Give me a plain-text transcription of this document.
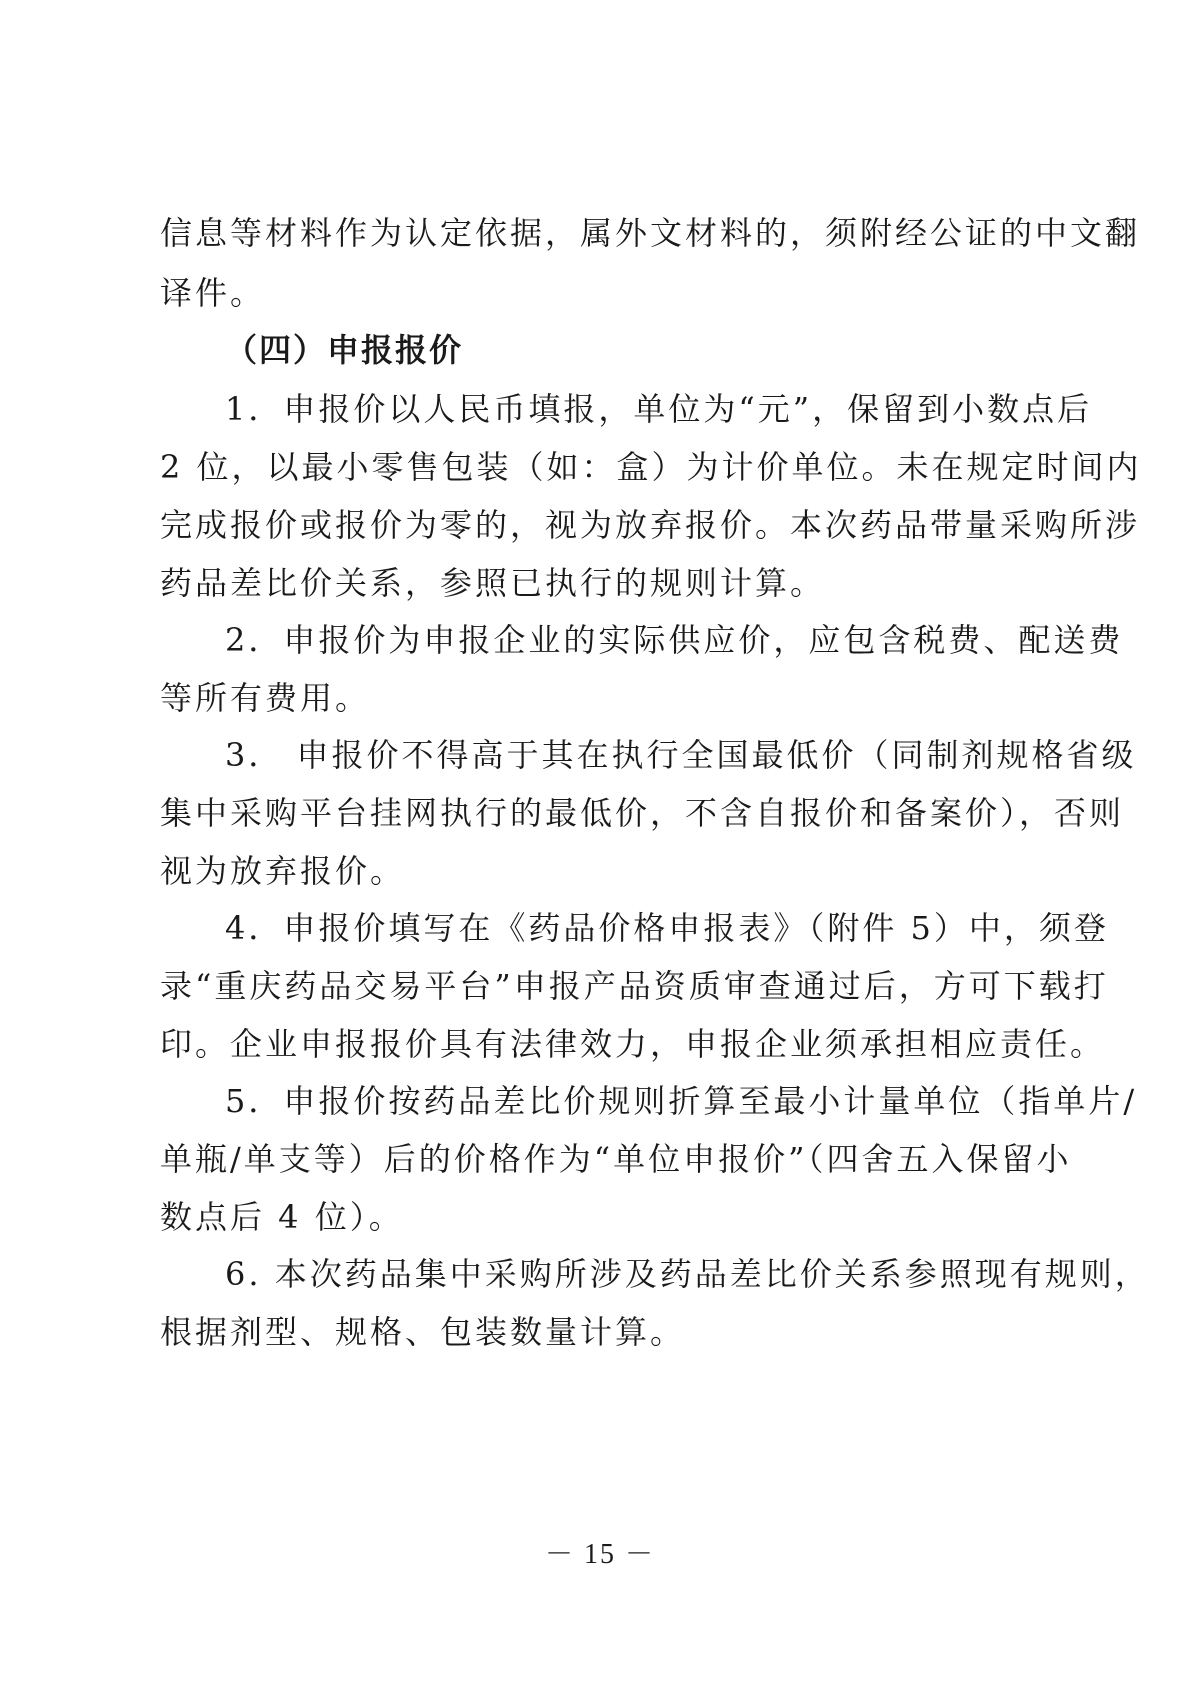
信息等材料作为认定依据，属外文材料的，须附经公证的中文翻
译件。
（四）申报报价
1．申报价以人民币填报，单位为“元”，保留到小数点后
2 位，以最小零售包装（如：盒）为计价单位。未在规定时间内
完成报价或报价为零的，视为放弃报价。本次药品带量采购所涉
药品差比价关系，参照已执行的规则计算。
2．申报价为申报企业的实际供应价，应包含税费、配送费
等所有费用。
3． 申报价不得高于其在执行全国最低价（同制剂规格省级
集中采购平台挂网执行的最低价，不含自报价和备案价），否则
视为放弃报价。
4．申报价填写在《药品价格申报表》（附件 5）中，须登
录“重庆药品交易平台”申报产品资质审查通过后，方可下载打
印。企业申报报价具有法律效力，申报企业须承担相应责任。
5．申报价按药品差比价规则折算至最小计量单位（指单片/
单瓶/单支等）后的价格作为“单位申报价”（四舍五入保留小
数点后 4 位）。
6. 本次药品集中采购所涉及药品差比价关系参照现有规则，
根据剂型、规格、包装数量计算。
－ 15 －
